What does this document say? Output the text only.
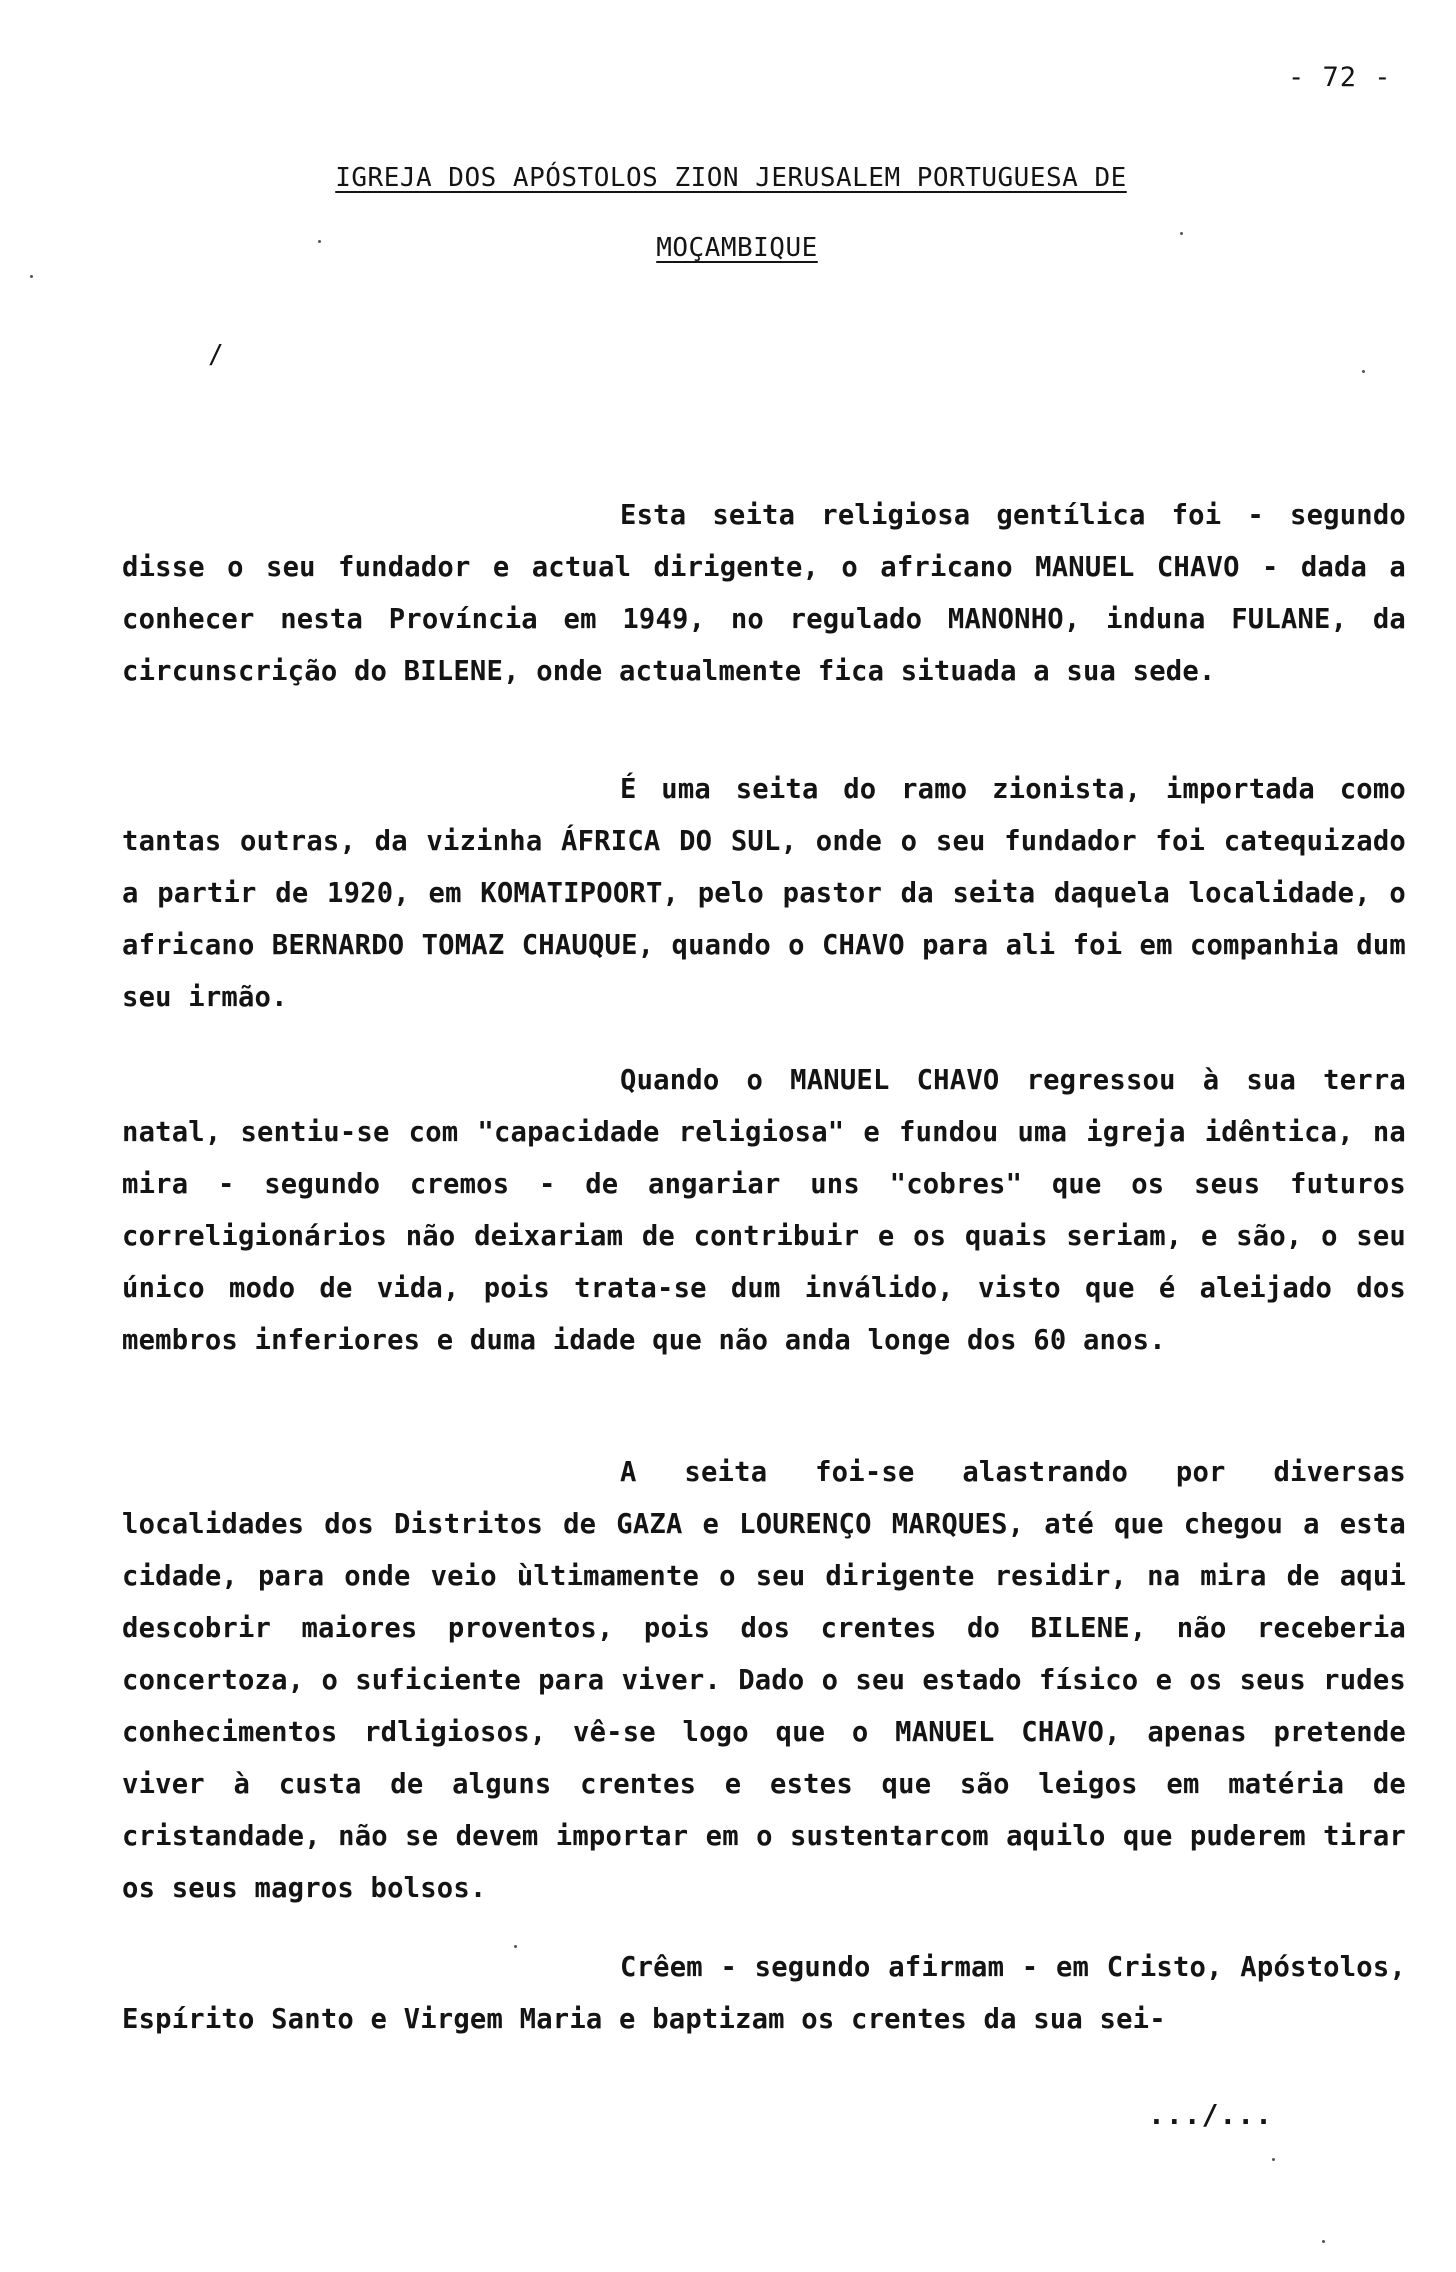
- 72 -
IGREJA DOS APÓSTOLOS ZION JERUSALEM PORTUGUESA DE
MOÇAMBIQUE
/
Esta seita religiosa gentílica foi - segundo disse o seu fundador e actual dirigente, o africano MANUEL CHAVO - dada a conhecer nesta Província em 1949, no regulado MANONHO, induna FULANE, da circunscrição do BILENE, onde actualmente fica situada a sua sede.
É uma seita do ramo zionista, importada como tantas outras, da vizinha ÁFRICA DO SUL, onde o seu fundador foi catequizado a partir de 1920, em KOMATIPOORT, pelo pastor da seita daquela localidade, o africano BERNARDO TOMAZ CHAUQUE, quando o CHAVO para ali foi em companhia dum seu irmão.
Quando o MANUEL CHAVO regressou à sua terra natal, sentiu-se com "capacidade religiosa" e fundou uma igreja idêntica, na mira - segundo cremos - de angariar uns "cobres" que os seus futuros correligionários não deixariam de contribuir e os quais seriam, e são, o seu único modo de vida, pois trata-se dum inválido, visto que é aleijado dos membros inferiores e duma idade que não anda longe dos 60 anos.
A seita foi-se alastrando por diversas localidades dos Distritos de GAZA e LOURENÇO MARQUES, até que chegou a esta cidade, para onde veio ùltimamente o seu dirigente residir, na mira de aqui descobrir maiores proventos, pois dos crentes do BILENE, não receberia concertoza, o suficiente para viver. Dado o seu estado físico e os seus rudes conhecimentos rdligiosos, vê-se logo que o MANUEL CHAVO, apenas pretende viver à custa de alguns crentes e estes que são leigos em matéria de cristandade, não se devem importar em o sustentarcom aquilo que puderem tirar os seus magros bolsos.
Crêem - segundo afirmam - em Cristo, Apóstolos, Espírito Santo e Virgem Maria e baptizam os crentes da sua sei-
.../...
